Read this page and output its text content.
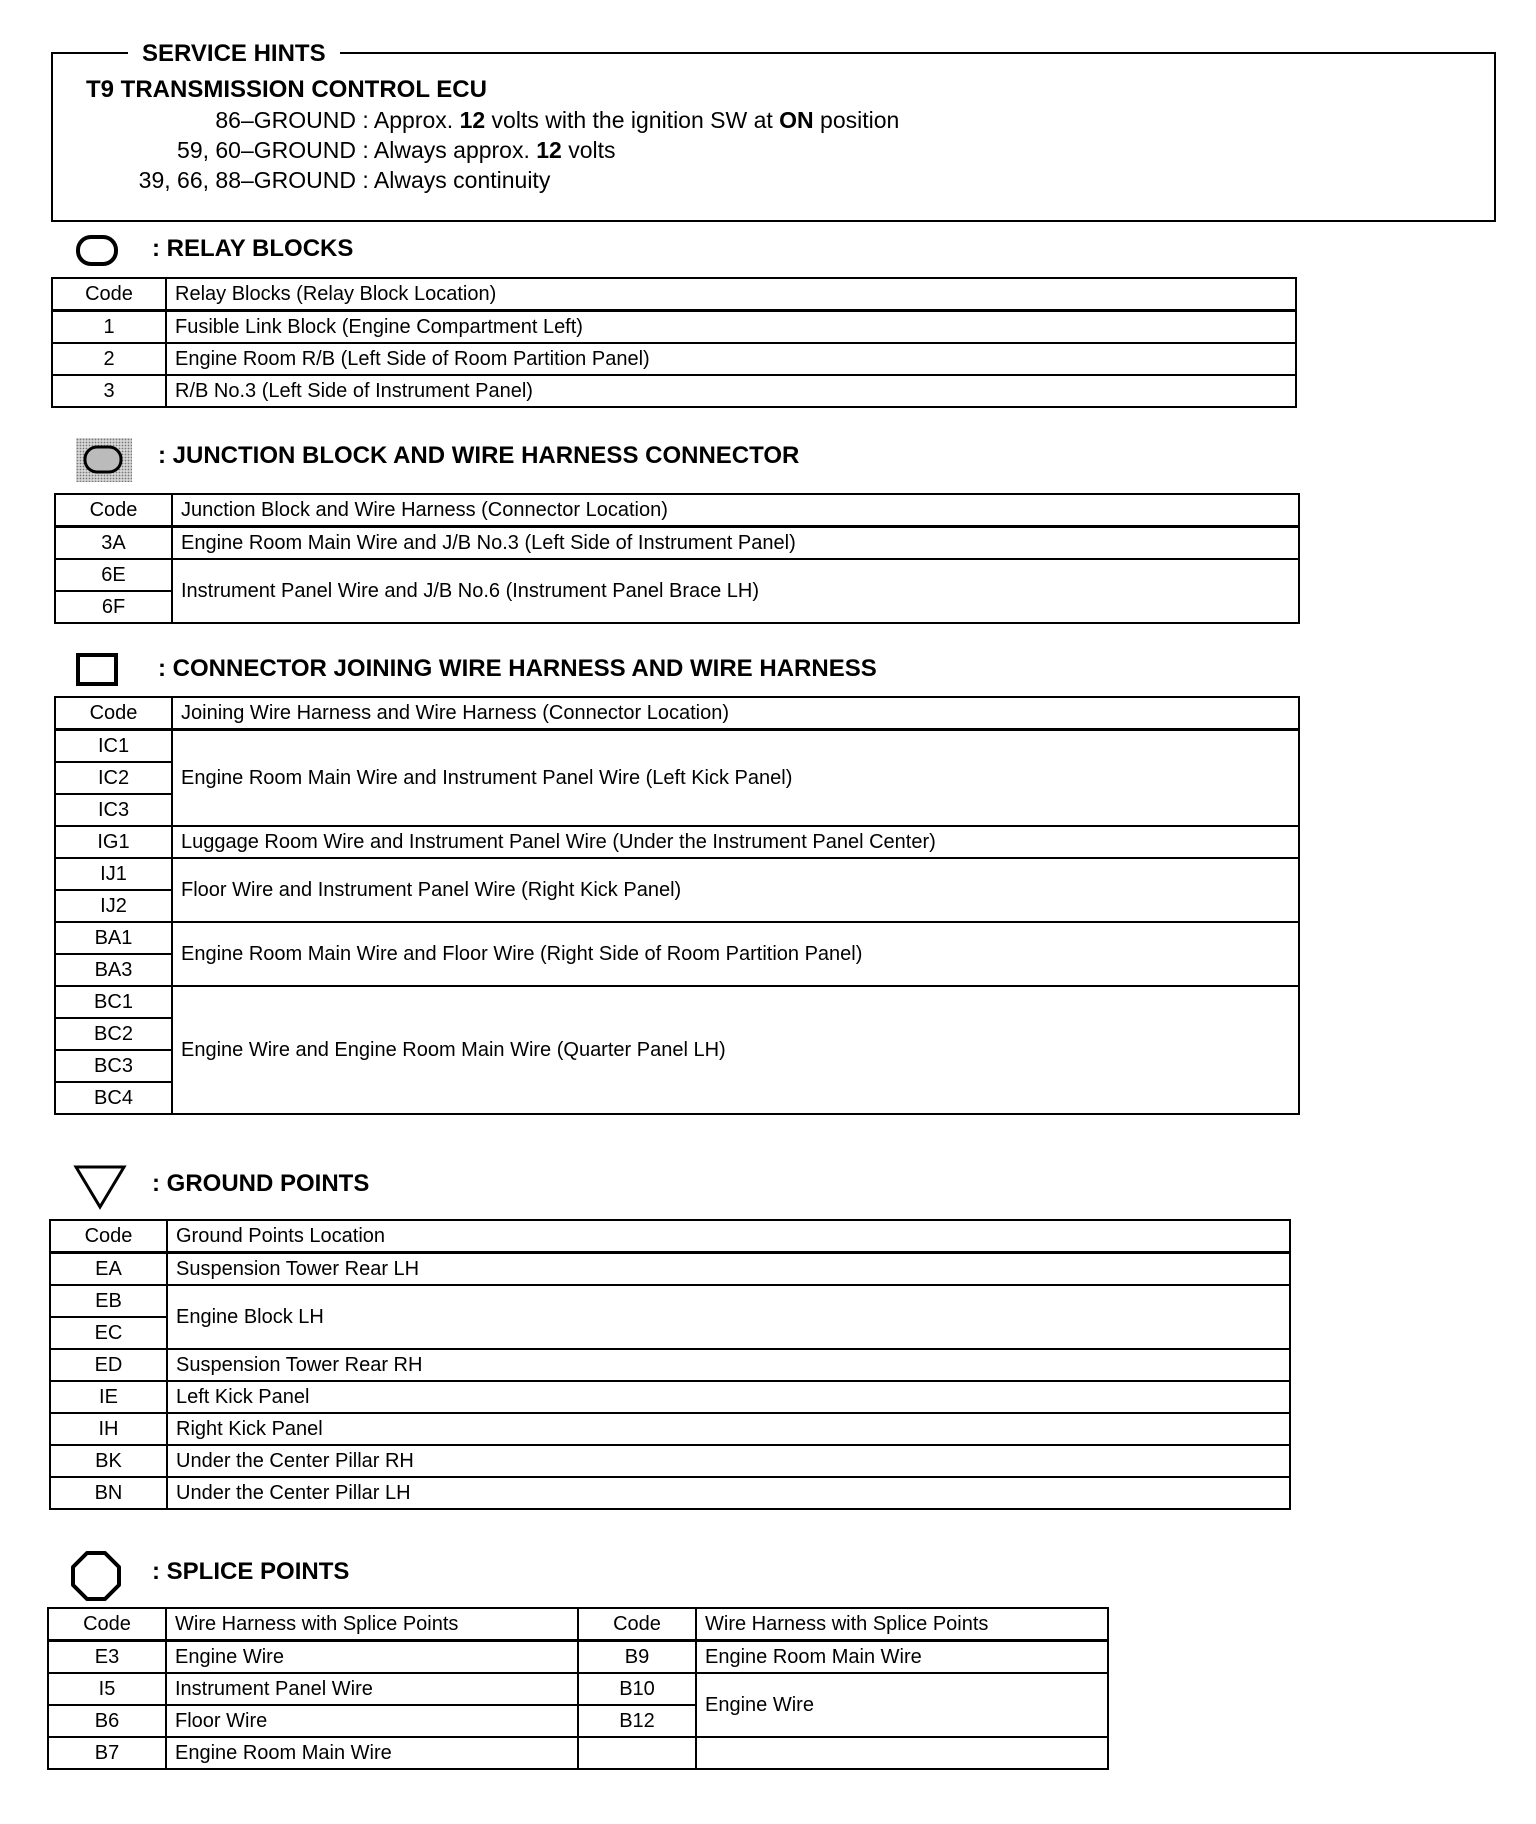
SERVICE HINTS
T9 TRANSMISSION CONTROL ECU
86–GROUND : Approx. 12 volts with the ignition SW at ON position
59, 60–GROUND : Always approx. 12 volts
39, 66, 88–GROUND : Always continuity
: RELAY BLOCKS
Code	Relay Blocks (Relay Block Location)
1	Fusible Link Block (Engine Compartment Left)
2	Engine Room R/B (Left Side of Room Partition Panel)
3	R/B No.3 (Left Side of Instrument Panel)
: JUNCTION BLOCK AND WIRE HARNESS CONNECTOR
Code	Junction Block and Wire Harness (Connector Location)
3A	Engine Room Main Wire and J/B No.3 (Left Side of Instrument Panel)
6E	Instrument Panel Wire and J/B No.6 (Instrument Panel Brace LH)
6F	
: CONNECTOR JOINING WIRE HARNESS AND WIRE HARNESS
Code	Joining Wire Harness and Wire Harness (Connector Location)
IC1	Engine Room Main Wire and Instrument Panel Wire (Left Kick Panel)
IC2	
IC3	
IG1	Luggage Room Wire and Instrument Panel Wire (Under the Instrument Panel Center)
IJ1	Floor Wire and Instrument Panel Wire (Right Kick Panel)
IJ2	
BA1	Engine Room Main Wire and Floor Wire (Right Side of Room Partition Panel)
BA3	
BC1	Engine Wire and Engine Room Main Wire (Quarter Panel LH)
BC2	
BC3	
BC4	
: GROUND POINTS
Code	Ground Points Location
EA	Suspension Tower Rear LH
EB	Engine Block LH
EC	
ED	Suspension Tower Rear RH
IE	Left Kick Panel
IH	Right Kick Panel
BK	Under the Center Pillar RH
BN	Under the Center Pillar LH
: SPLICE POINTS
Code	Wire Harness with Splice Points	Code	Wire Harness with Splice Points
E3	Engine Wire	B9	Engine Room Main Wire
I5	Instrument Panel Wire	B10	Engine Wire
B6	Floor Wire	B12	
B7	Engine Room Main Wire		
